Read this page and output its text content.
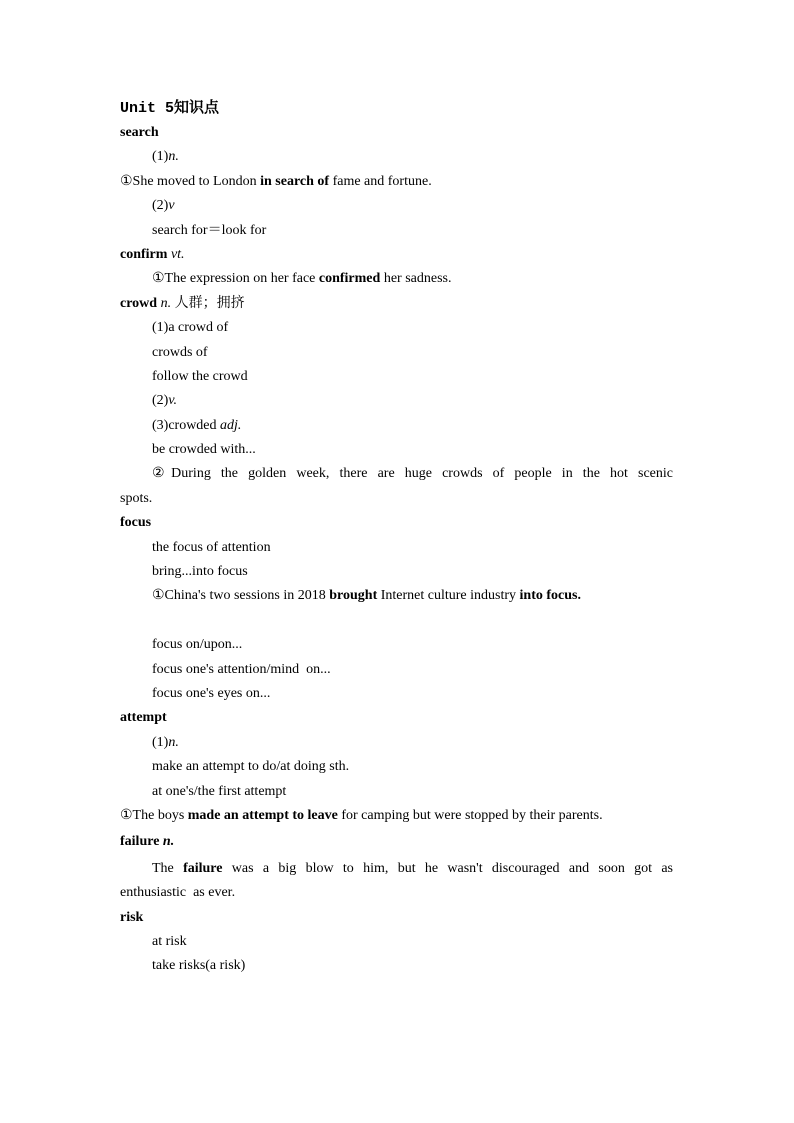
Unit 5知识点
search
(1)n.
①She moved to London in search of fame and fortune.
(2)v
search for＝look for
confirm vt.
①The expression on her face confirmed her sadness.
crowd n. 人群；拥挤
(1)a crowd of
crowds of
follow the crowd
(2)v.
(3)crowded adj.
be crowded with...
②During the golden week, there are huge crowds of people in the hot scenic
spots.
focus
the focus of attention
bring...into focus
①China's two sessions in 2018 brought Internet culture industry into focus.
focus on/upon...
focus one's attention/mind  on...
focus one's eyes on...
attempt
(1)n.
make an attempt to do/at doing sth.
at one's/the first attempt
①The boys made an attempt to leave for camping but were stopped by their parents.
failure n.
The failure was a big blow to him, but he wasn't discouraged and soon got as
enthusiastic  as ever.
risk
at risk
take risks(a risk)
